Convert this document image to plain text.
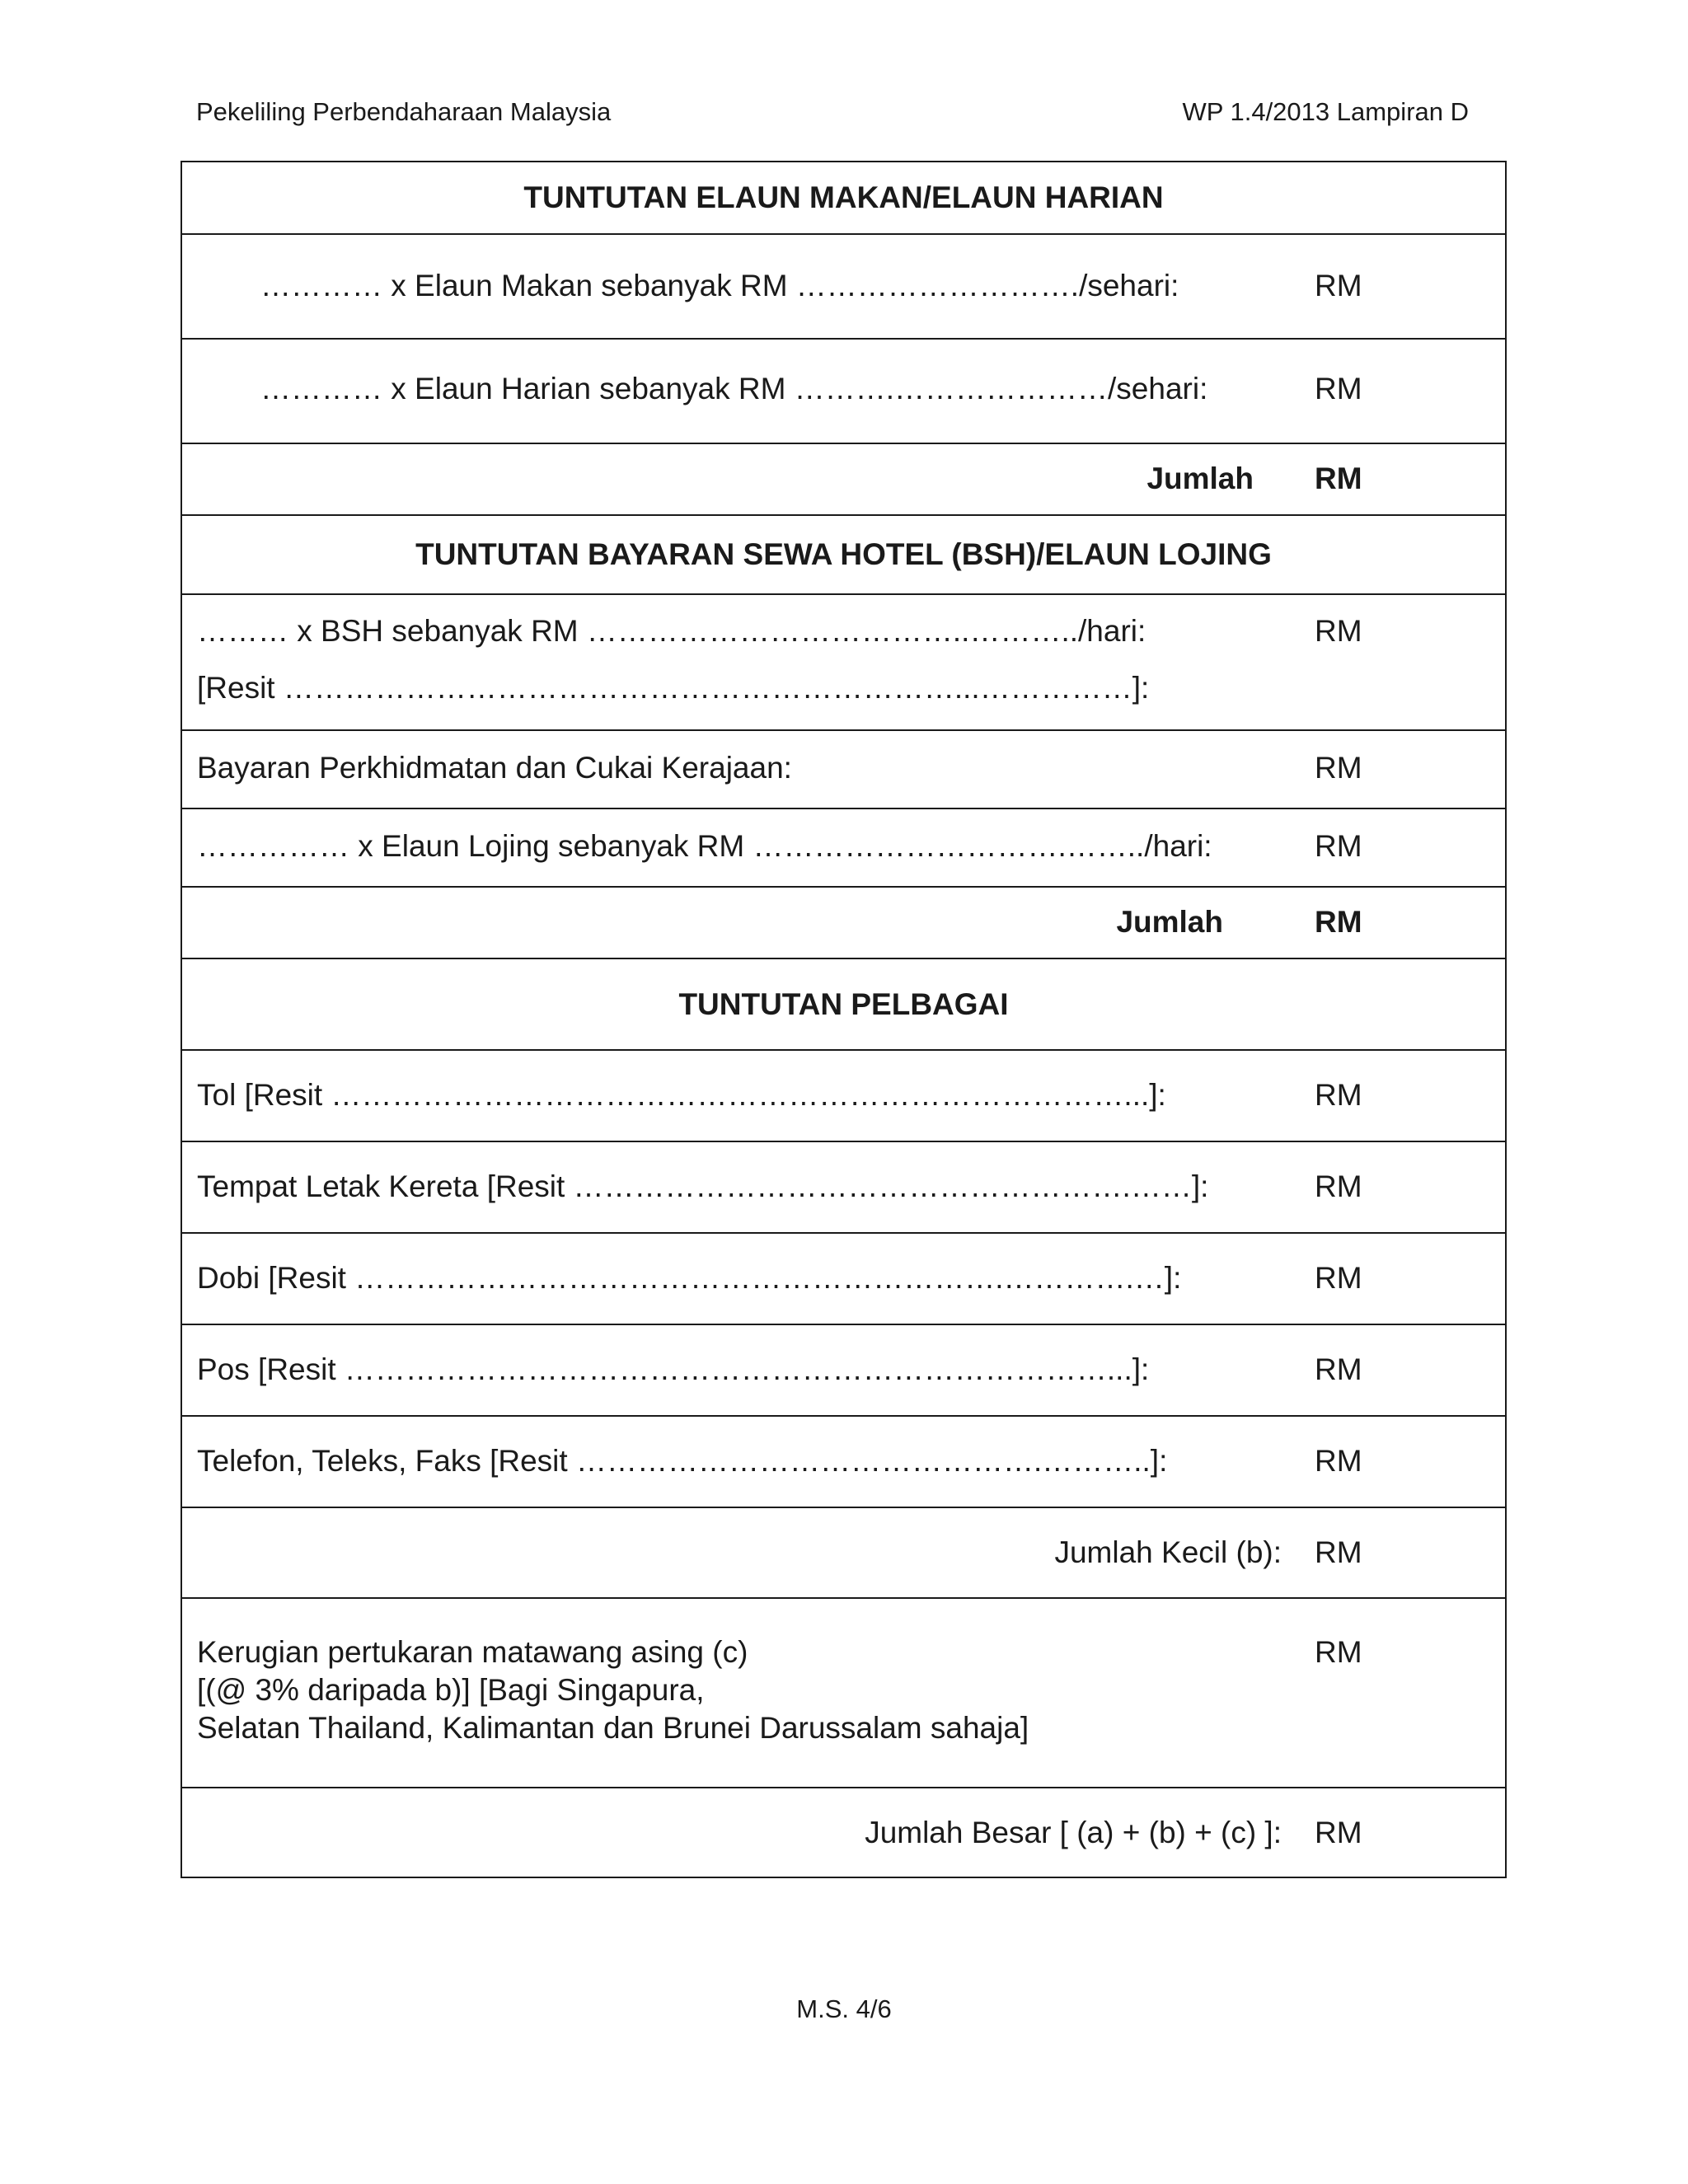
Pekeliling Perbendaharaan Malaysia	WP 1.4/2013 Lampiran D
TUNTUTAN ELAUN MAKAN/ELAUN HARIAN
………… x Elaun Makan sebanyak RM ………………………./sehari:	RM
………… x Elaun Harian sebanyak RM ……….…………………/sehari:	RM
Jumlah RM
TUNTUTAN BAYARAN SEWA HOTEL (BSH)/ELAUN LOJING
……… x BSH sebanyak RM ………………………………..………../hari:	RM
[Resit …………………………………………………………...……………]:
Bayaran Perkhidmatan dan Cukai Kerajaan:	RM
…………… x Elaun Lojing sebanyak RM ………………………….……../hari:	RM
Jumlah	RM
TUNTUTAN PELBAGAI
Tol [Resit ……………………………………………………………………...]:	RM
Tempat Letak Kereta [Resit ……………………………………………….……]:	RM
Dobi [Resit ……………………………………………………….………….…]:	RM
Pos [Resit …………………………………………………………………...]:	RM
Telefon, Teleks, Faks [Resit ……………………………………….………..]:	RM
Jumlah Kecil (b): RM
Kerugian pertukaran matawang asing (c)	RM
[(@ 3% daripada b)] [Bagi Singapura,
Selatan Thailand, Kalimantan dan Brunei Darussalam sahaja]
Jumlah Besar [ (a) + (b) + (c) ]: RM
M.S. 4/6
